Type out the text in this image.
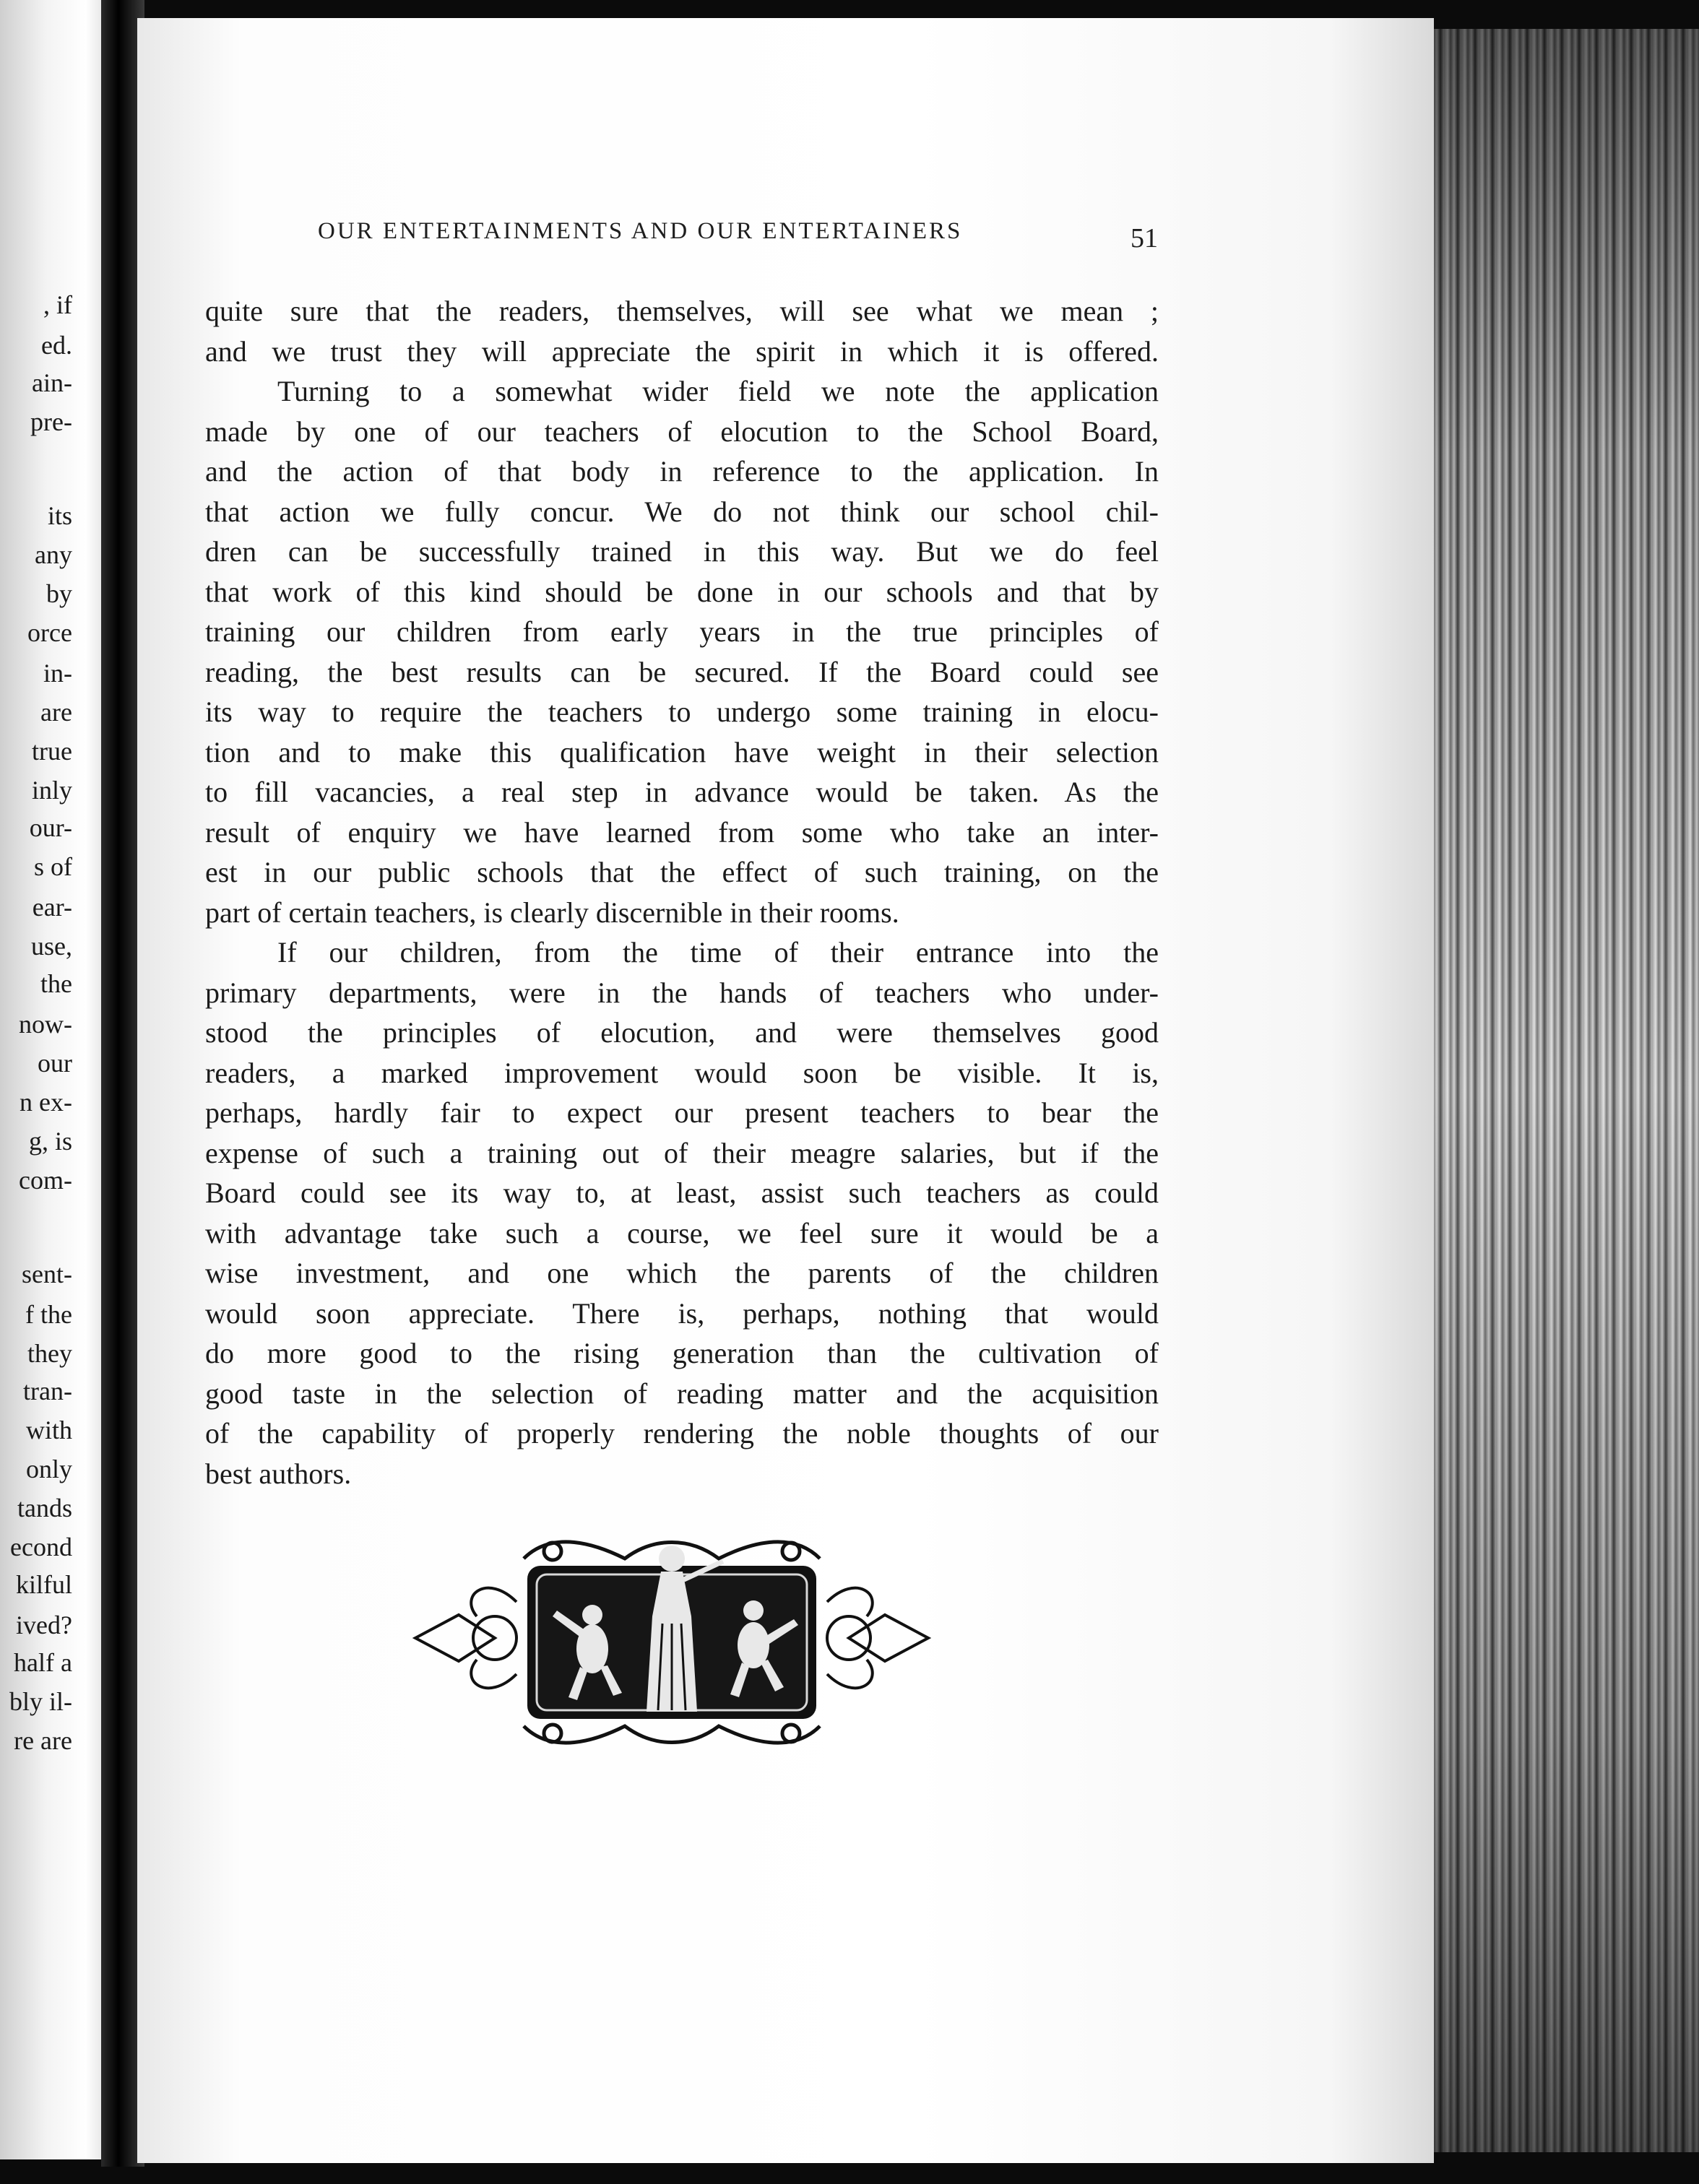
, if
ed.
ain-
pre-
its
any
by
orce
in-
are
true
inly
our-
s of
ear-
use,
the
now-
our
n ex-
g, is
com-
sent-
f the
they
tran-
with
only
tands
econd
kilful
ived?
half a
bly il-
re are
OUR ENTERTAINMENTS AND OUR ENTERTAINERS	51
quite sure that the readers, themselves, will see what we mean ;
and we trust they will appreciate the spirit in which it is offered.
Turning to a somewhat wider field we note the application
made by one of our teachers of elocution to the School Board,
and the action of that body in reference to the application. In
that action we fully concur. We do not think our school chil-
dren can be successfully trained in this way. But we do feel
that work of this kind should be done in our schools and that by
training our children from early years in the true principles of
reading, the best results can be secured. If the Board could see
its way to require the teachers to undergo some training in elocu-
tion and to make this qualification have weight in their selection
to fill vacancies, a real step in advance would be taken. As the
result of enquiry we have learned from some who take an inter-
est in our public schools that the effect of such training, on the
part of certain teachers, is clearly discernible in their rooms.
If our children, from the time of their entrance into the
primary departments, were in the hands of teachers who under-
stood the principles of elocution, and were themselves good
readers, a marked improvement would soon be visible. It is,
perhaps, hardly fair to expect our present teachers to bear the
expense of such a training out of their meagre salaries, but if the
Board could see its way to, at least, assist such teachers as could
with advantage take such a course, we feel sure it would be a
wise investment, and one which the parents of the children
would soon appreciate. There is, perhaps, nothing that would
do more good to the rising generation than the cultivation of
good taste in the selection of reading matter and the acquisition
of the capability of properly rendering the noble thoughts of our
best authors.
